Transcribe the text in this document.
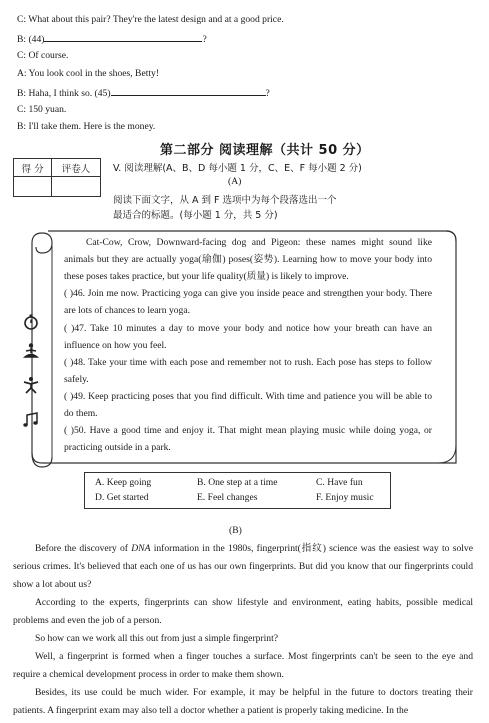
C: What about this pair? They're the latest design and at a good price.
B: (44)	?
C: Of course.
A: You look cool in the shoes, Betty!
B: Haha, I think so. (45)	?
C: 150 yuan.
B: I'll take them. Here is the money.
第二部分 阅读理解（共计 50 分）
得 分	评卷人
	V. 阅读理解(A、B、D 每小题 1 分，C、E、F 每小题 2 分)
(A)
阅读下面文字，从 A 到 F 选项中为每个段落选出一个
最适合的标题。(每小题 1 分，共 5 分)
Cat-Cow, Crow, Downward-facing dog and Pigeon: these names might sound like animals but they are actually yoga(瑜伽) poses(姿势). Learning how to move your body into these poses takes practice, but your life quality(质量) is likely to improve.
( )46. Join me now. Practicing yoga can give you inside peace and strengthen your body. There are lots of chances to learn yoga.
( )47. Take 10 minutes a day to move your body and notice how your breath can have an influence on how you feel.
( )48. Take your time with each pose and remember not to rush. Each pose has steps to follow safely.
( )49. Keep practicing poses that you find difficult. With time and patience you will be able to do them.
( )50. Have a good time and enjoy it. That might mean playing music while doing yoga, or practicing outside in a park.
A. Keep going	B. One step at a time	C. Have fun
D. Get started	E. Feel changes	F. Enjoy music
(B)
Before the discovery of DNA information in the 1980s, fingerprint(指纹) science was the easiest way to solve serious crimes. It's believed that each one of us has our own fingerprints. But did you know that our fingerprints could show a lot about us?
According to the experts, fingerprints can show lifestyle and environment, eating habits, possible medical problems and even the job of a person.
So how can we work all this out from just a simple fingerprint?
Well, a fingerprint is formed when a finger touches a surface. Most fingerprints can't be seen to the eye and require a chemical development process in order to make them shown.
Besides, its use could be much wider. For example, it may be helpful in the future to doctors treating their patients. A fingerprint exam may also tell a doctor whether a patient is properly taking medicine. In the
